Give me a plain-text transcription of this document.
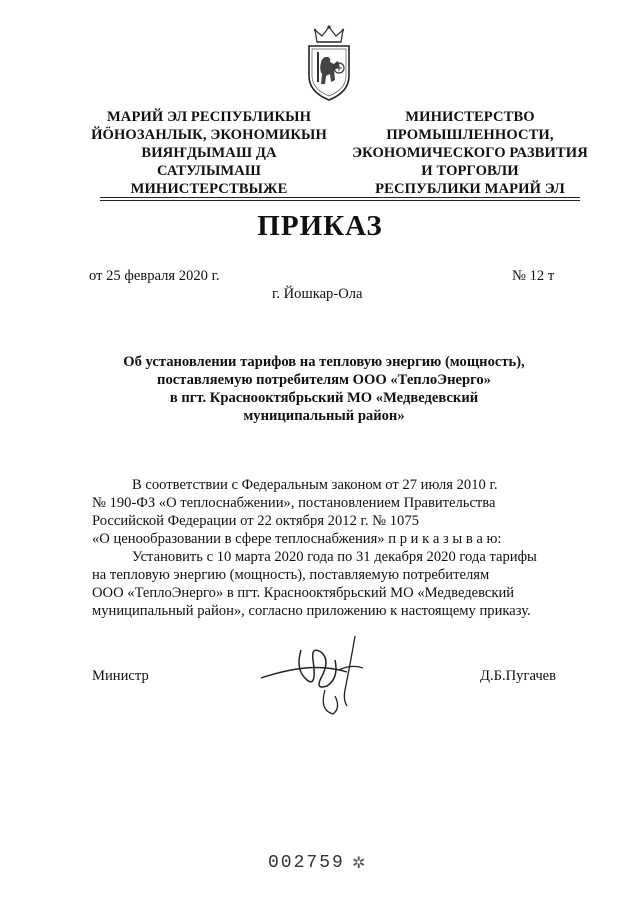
МАРИЙ ЭЛ РЕСПУБЛИКЫН
ЙӦНОЗАНЛЫК, ЭКОНОМИКЫН
ВИЯҤДЫМАШ ДА
САТУЛЫМАШ
МИНИСТЕРСТВЫЖЕ
МИНИСТЕРСТВО
ПРОМЫШЛЕННОСТИ,
ЭКОНОМИЧЕСКОГО РАЗВИТИЯ
И ТОРГОВЛИ
РЕСПУБЛИКИ МАРИЙ ЭЛ
ПРИКАЗ
от 25 февраля 2020 г.	№ 12 т
г. Йошкар-Ола
Об установлении тарифов на тепловую энергию (мощность),
поставляемую потребителям ООО «ТеплоЭнерго»
в пгт. Краснооктябрьский МО «Медведевский
муниципальный район»
В соответствии с Федеральным законом от 27 июля 2010 г.
№ 190-ФЗ «О теплоснабжении», постановлением Правительства
Российской Федерации от 22 октября 2012 г. № 1075
«О ценообразовании в сфере теплоснабжения» п р и к а з ы в а ю:
Установить с 10 марта 2020 года по 31 декабря 2020 года тарифы
на тепловую энергию (мощность), поставляемую потребителям
ООО «ТеплоЭнерго» в пгт. Краснооктябрьский МО «Медведевский
муниципальный район», согласно приложению к настоящему приказу.
Министр	Д.Б.Пугачев
002759 ✲
